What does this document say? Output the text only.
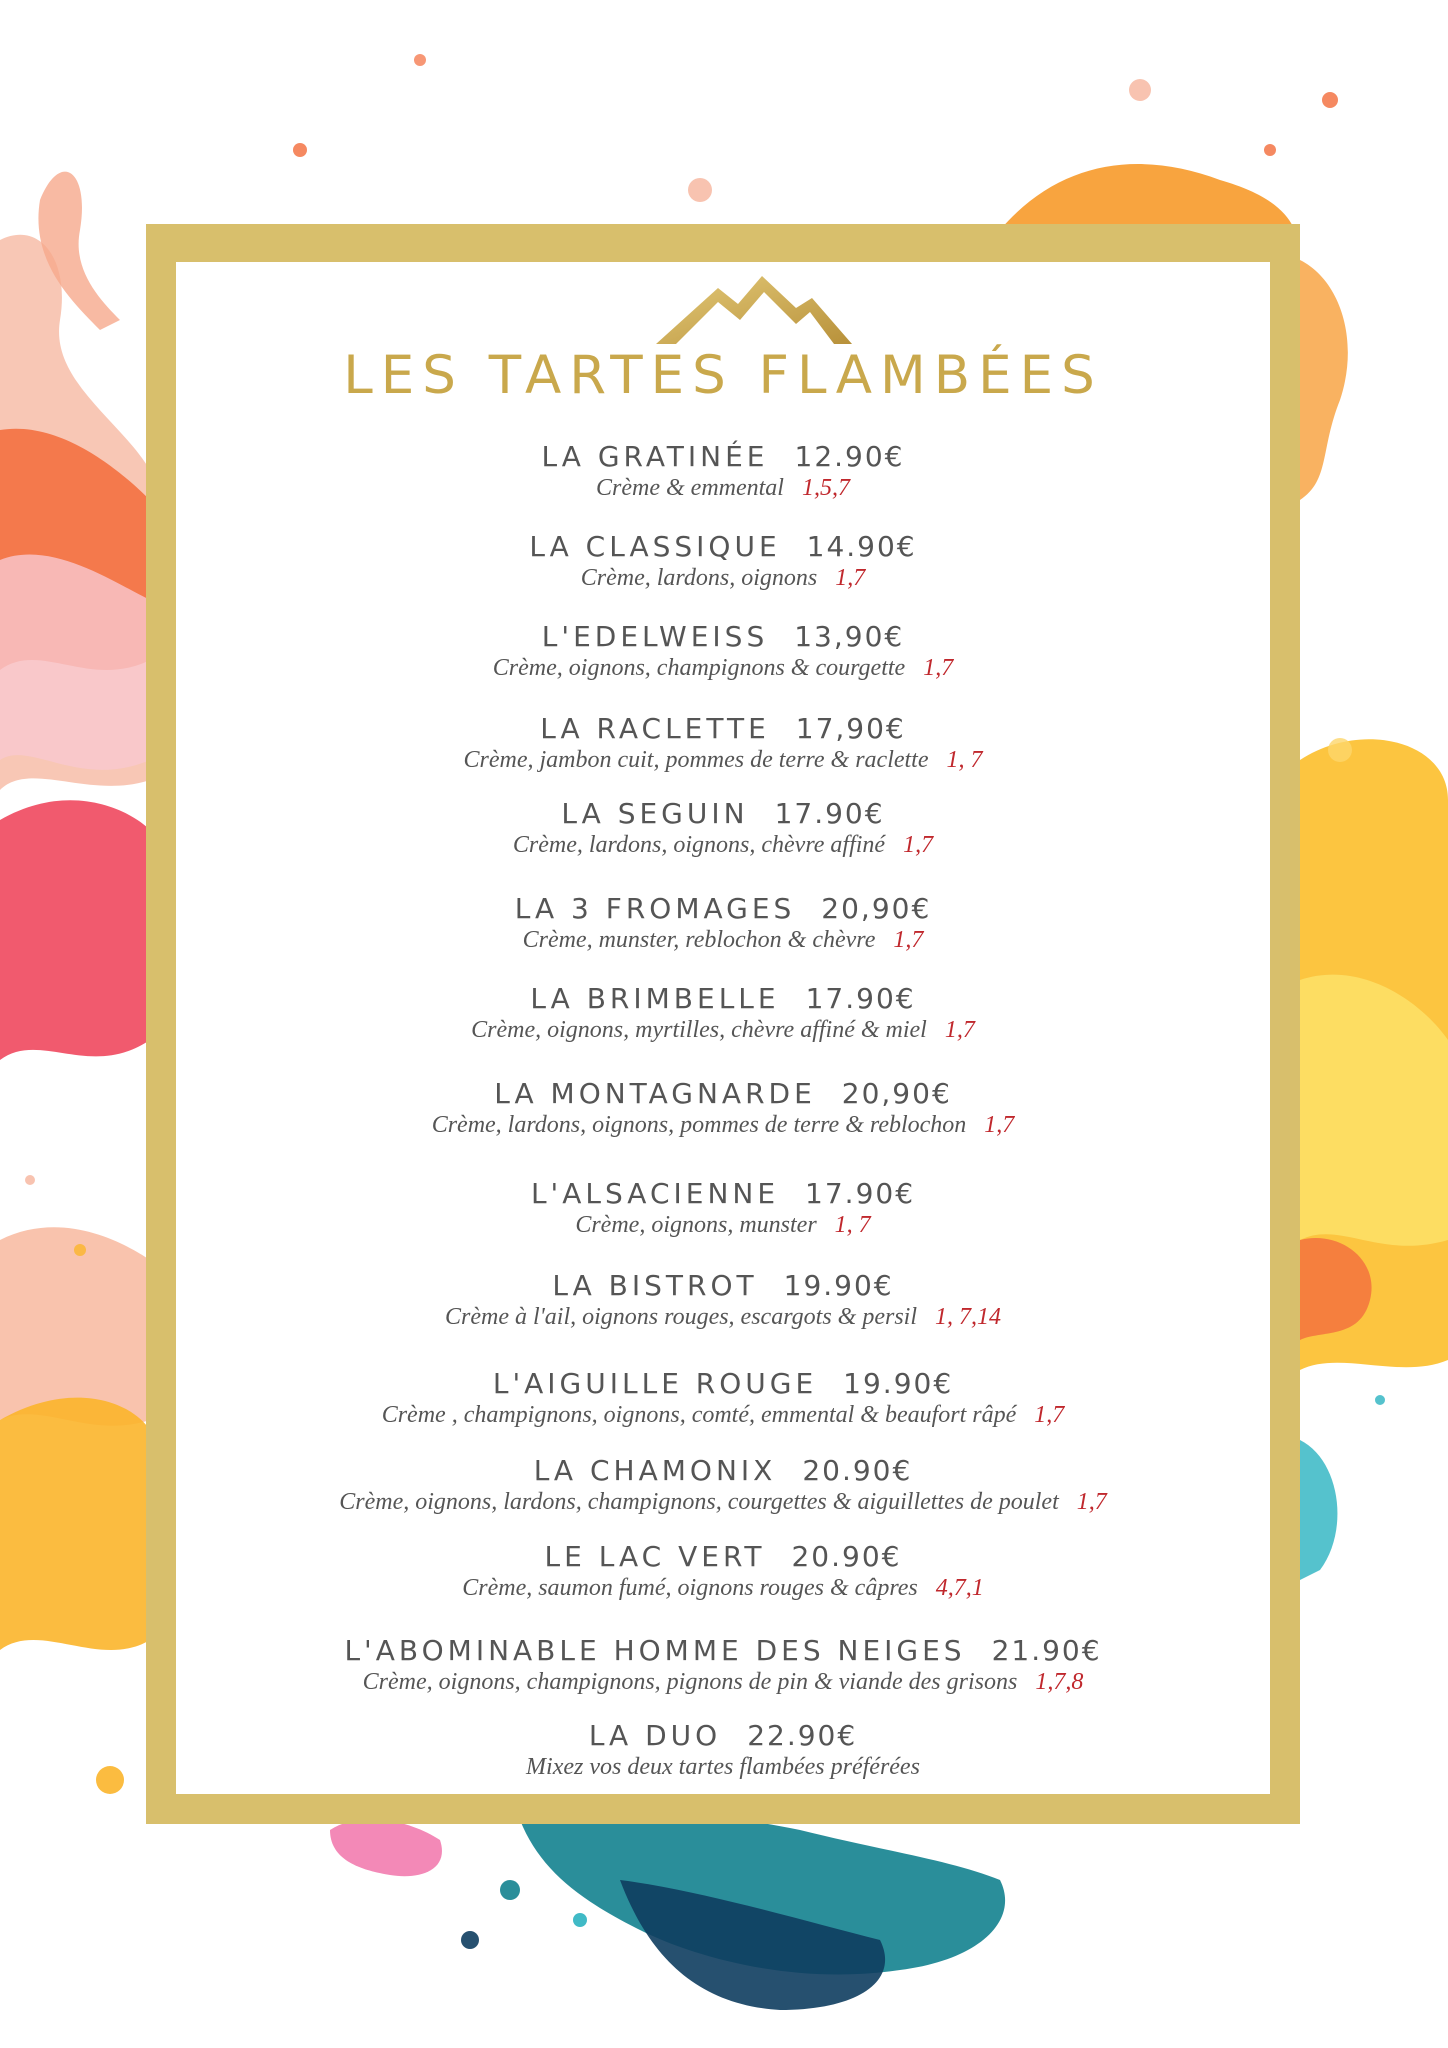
LES TARTES FLAMBÉES
LA GRATINÉE 12.90€
Crème & emmental 1,5,7
LA CLASSIQUE 14.90€
Crème, lardons, oignons 1,7
L'EDELWEISS 13,90€
Crème, oignons, champignons & courgette 1,7
LA RACLETTE 17,90€
Crème, jambon cuit, pommes de terre & raclette 1, 7
LA SEGUIN 17.90€
Crème, lardons, oignons, chèvre affiné 1,7
LA 3 FROMAGES 20,90€
Crème, munster, reblochon & chèvre 1,7
LA BRIMBELLE 17.90€
Crème, oignons, myrtilles, chèvre affiné & miel 1,7
LA MONTAGNARDE 20,90€
Crème, lardons, oignons, pommes de terre & reblochon 1,7
L'ALSACIENNE 17.90€
Crème, oignons, munster 1, 7
LA BISTROT 19.90€
Crème à l'ail, oignons rouges, escargots & persil 1, 7,14
L'AIGUILLE ROUGE 19.90€
Crème , champignons, oignons, comté, emmental & beaufort râpé 1,7
LA CHAMONIX 20.90€
Crème, oignons, lardons, champignons, courgettes & aiguillettes de poulet 1,7
LE LAC VERT 20.90€
Crème, saumon fumé, oignons rouges & câpres 4,7,1
L'ABOMINABLE HOMME DES NEIGES 21.90€
Crème, oignons, champignons, pignons de pin & viande des grisons 1,7,8
LA DUO 22.90€
Mixez vos deux tartes flambées préférées
